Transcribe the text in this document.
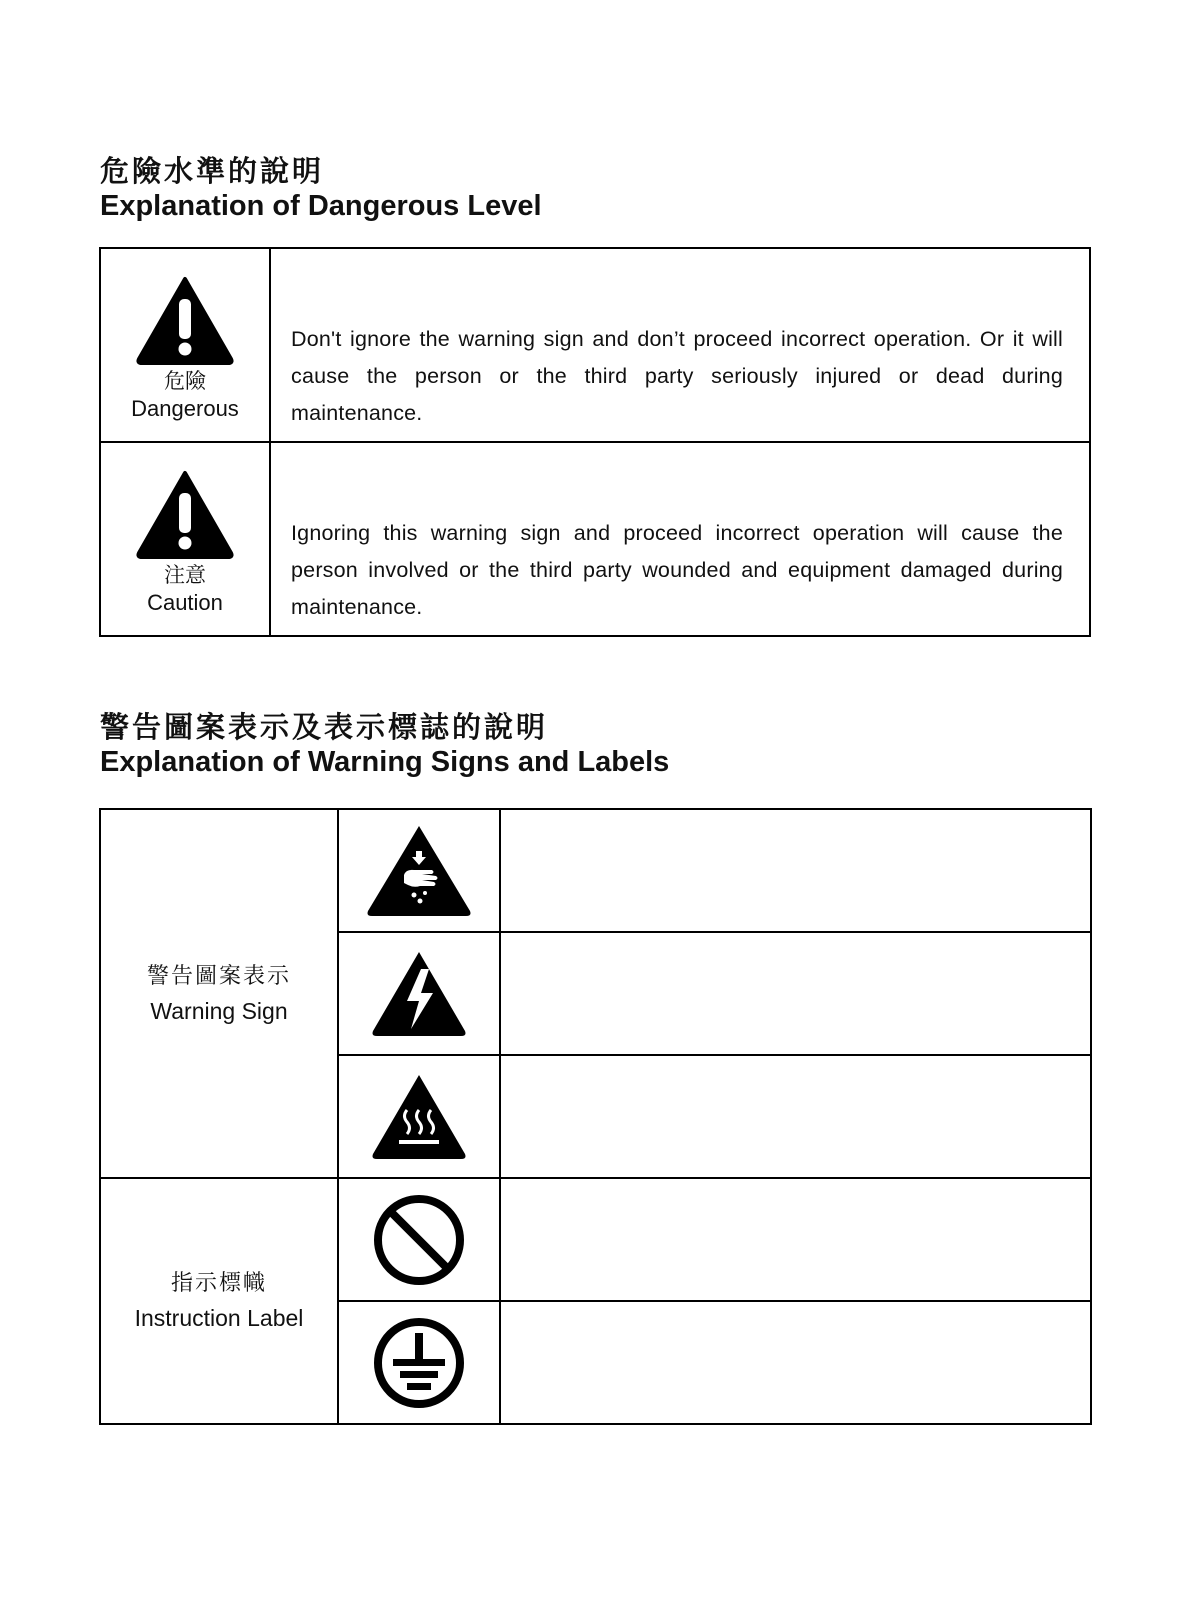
危險水準的說明
Explanation of Dangerous Level
危險
Dangerous	Don't ignore the warning sign and don’t proceed incorrect operation. Or it will cause the person or the third party seriously injured or dead during maintenance.

注意
Caution	Ignoring this warning sign and proceed incorrect operation will cause the person involved or the third party wounded and equipment damaged during maintenance.
警告圖案表示及表示標誌的說明
Explanation of Warning Signs and Labels
警告圖案表示
Warning Sign

指示標幟
Instruction Label
